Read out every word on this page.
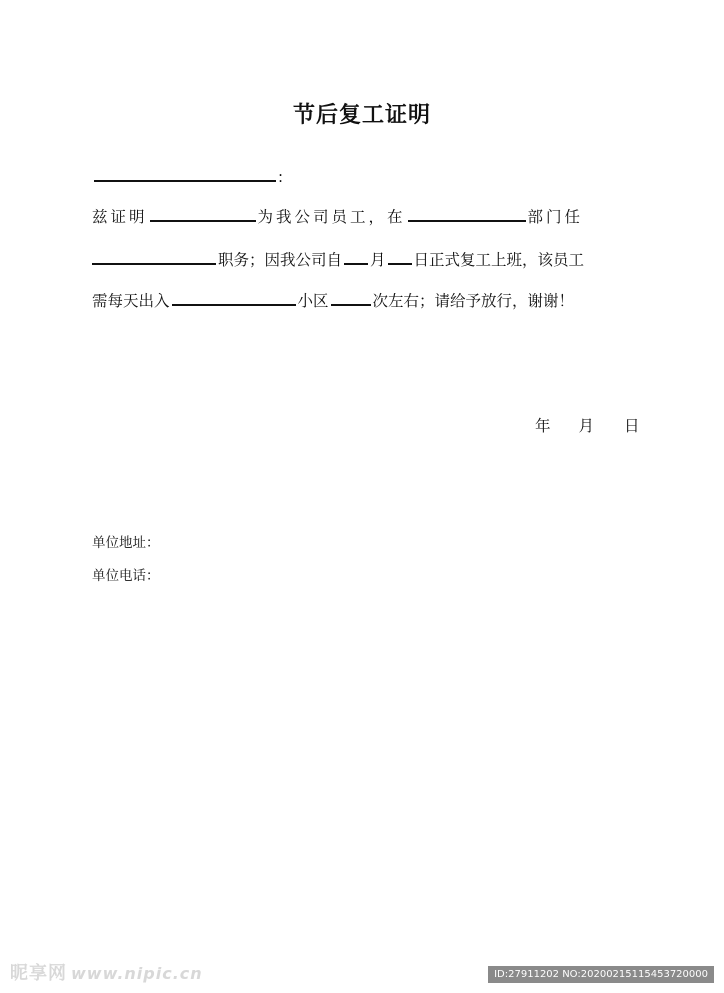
节后复工证明
:
兹证明	为我公司员工，在	部门任
职务；因我公司自 月 日正式复工上班，该员工
需每天出入	小区	次左右；请给予放行，谢谢！
年 月 日
单位地址：
单位电话：
昵享网 www.nipic.cn	ID:27911202 NO:20200215115453720000
